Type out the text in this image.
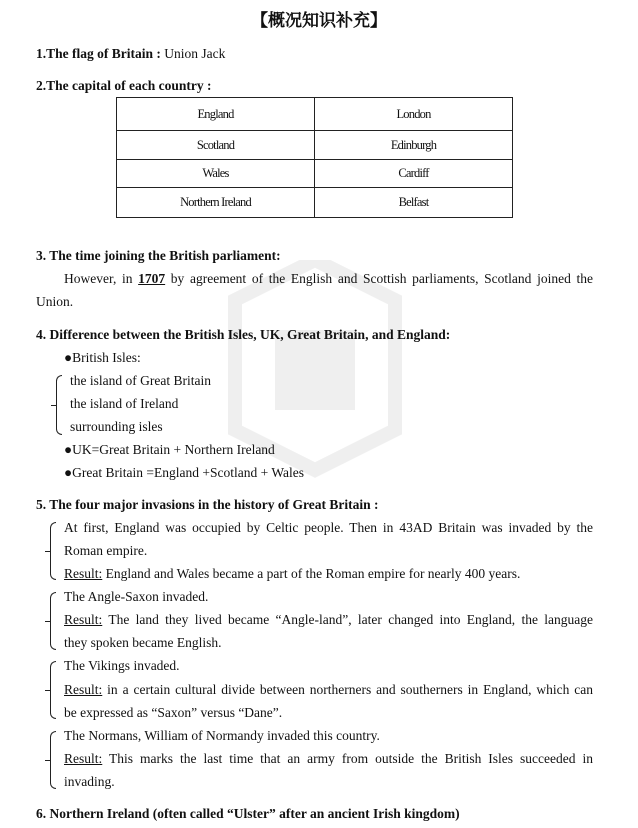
【概况知识补充】
1.The flag of Britain : Union Jack
2.The capital of each country :
England	London
Scotland	Edinburgh
Wales	Cardiff
Northern Ireland	Belfast
3. The time joining the British parliament:
However, in 1707 by agreement of the English and Scottish parliaments, Scotland joined the
Union.
4. Difference between the British Isles, UK, Great Britain, and England:
●British Isles:
the island of Great Britain
the island of Ireland
surrounding isles
●UK=Great Britain + Northern Ireland
●Great Britain =England +Scotland + Wales
5. The four major invasions in the history of Great Britain :
At first, England was occupied by Celtic people. Then in 43AD Britain was invaded by the
Roman empire.
Result: England and Wales became a part of the Roman empire for nearly 400 years.
The Angle-Saxon invaded.
Result: The land they lived became “Angle-land”, later changed into England, the language
they spoken became English.
The Vikings invaded.
Result: in a certain cultural divide between northerners and southerners in England, which can
be expressed as “Saxon” versus “Dane”.
The Normans, William of Normandy invaded this country.
Result: This marks the last time that an army from outside the British Isles succeeded in
invading.
6. Northern Ireland (often called “Ulster” after an ancient Irish kingdom)
